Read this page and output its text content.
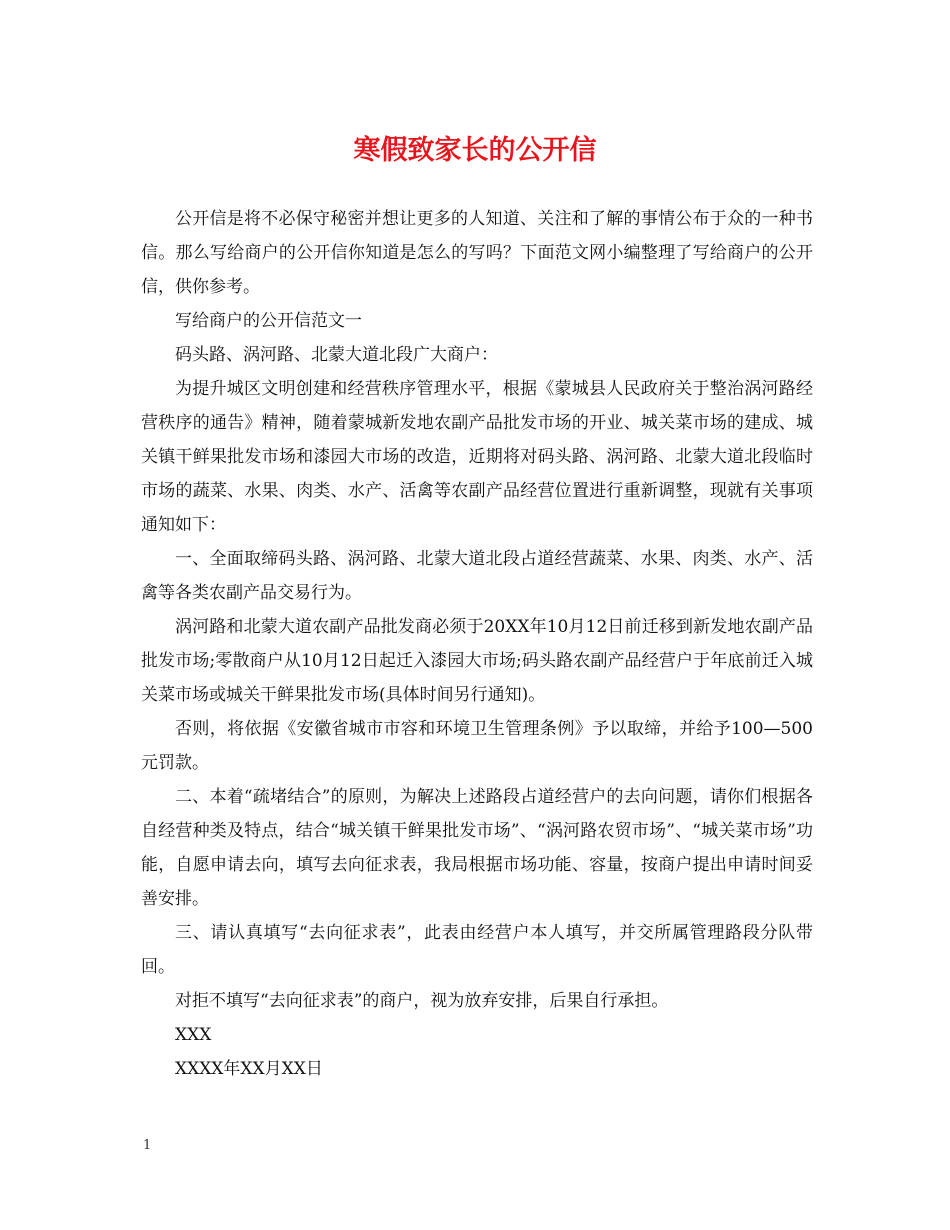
寒假致家长的公开信

公开信是将不必保守秘密并想让更多的人知道、关注和了解的事情公布于众的一种书信。那么写给商户的公开信你知道是怎么的写吗？下面范文网小编整理了写给商户的公开信，供你参考。

写给商户的公开信范文一

码头路、涡河路、北蒙大道北段广大商户：

为提升城区文明创建和经营秩序管理水平，根据《蒙城县人民政府关于整治涡河路经营秩序的通告》精神，随着蒙城新发地农副产品批发市场的开业、城关菜市场的建成、城关镇干鲜果批发市场和漆园大市场的改造，近期将对码头路、涡河路、北蒙大道北段临时市场的蔬菜、水果、肉类、水产、活禽等农副产品经营位置进行重新调整，现就有关事项通知如下：

一、全面取缔码头路、涡河路、北蒙大道北段占道经营蔬菜、水果、肉类、水产、活禽等各类农副产品交易行为。

涡河路和北蒙大道农副产品批发商必须于20XX年10月12日前迁移到新发地农副产品批发市场;零散商户从10月12日起迁入漆园大市场;码头路农副产品经营户于年底前迁入城关菜市场或城关干鲜果批发市场(具体时间另行通知)。

否则，将依据《安徽省城市市容和环境卫生管理条例》予以取缔，并给予100—500元罚款。

二、本着“疏堵结合”的原则，为解决上述路段占道经营户的去向问题，请你们根据各自经营种类及特点，结合“城关镇干鲜果批发市场”、“涡河路农贸市场”、“城关菜市场”功能，自愿申请去向，填写去向征求表，我局根据市场功能、容量，按商户提出申请时间妥善安排。

三、请认真填写“去向征求表”，此表由经营户本人填写，并交所属管理路段分队带回。

对拒不填写“去向征求表”的商户，视为放弃安排，后果自行承担。

XXX

XXXX年XX月XX日

1
